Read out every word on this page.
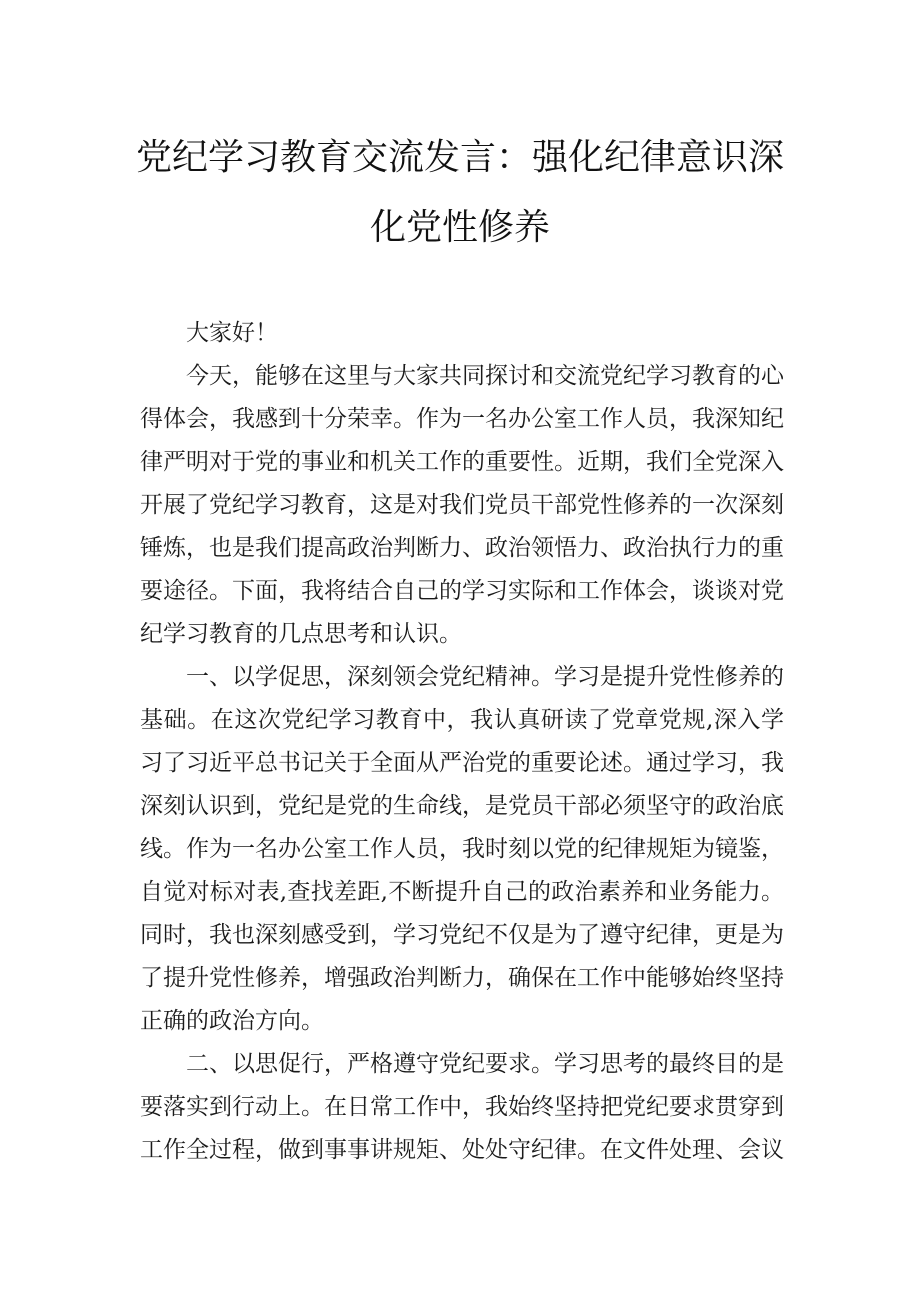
党纪学习教育交流发言：强化纪律意识深
化党性修养
大家好！
今天，能够在这里与大家共同探讨和交流党纪学习教育的心
得体会，我感到十分荣幸。作为一名办公室工作人员，我深知纪
律严明对于党的事业和机关工作的重要性。近期，我们全党深入
开展了党纪学习教育，这是对我们党员干部党性修养的一次深刻
锤炼，也是我们提高政治判断力、政治领悟力、政治执行力的重
要途径。下面，我将结合自己的学习实际和工作体会，谈谈对党
纪学习教育的几点思考和认识。
一、以学促思，深刻领会党纪精神。学习是提升党性修养的
基础。在这次党纪学习教育中，我认真研读了党章党规,深入学
习了习近平总书记关于全面从严治党的重要论述。通过学习，我
深刻认识到，党纪是党的生命线，是党员干部必须坚守的政治底
线。作为一名办公室工作人员，我时刻以党的纪律规矩为镜鉴，
自觉对标对表,查找差距,不断提升自己的政治素养和业务能力。
同时，我也深刻感受到，学习党纪不仅是为了遵守纪律，更是为
了提升党性修养，增强政治判断力，确保在工作中能够始终坚持
正确的政治方向。
二、以思促行，严格遵守党纪要求。学习思考的最终目的是
要落实到行动上。在日常工作中，我始终坚持把党纪要求贯穿到
工作全过程，做到事事讲规矩、处处守纪律。在文件处理、会议
